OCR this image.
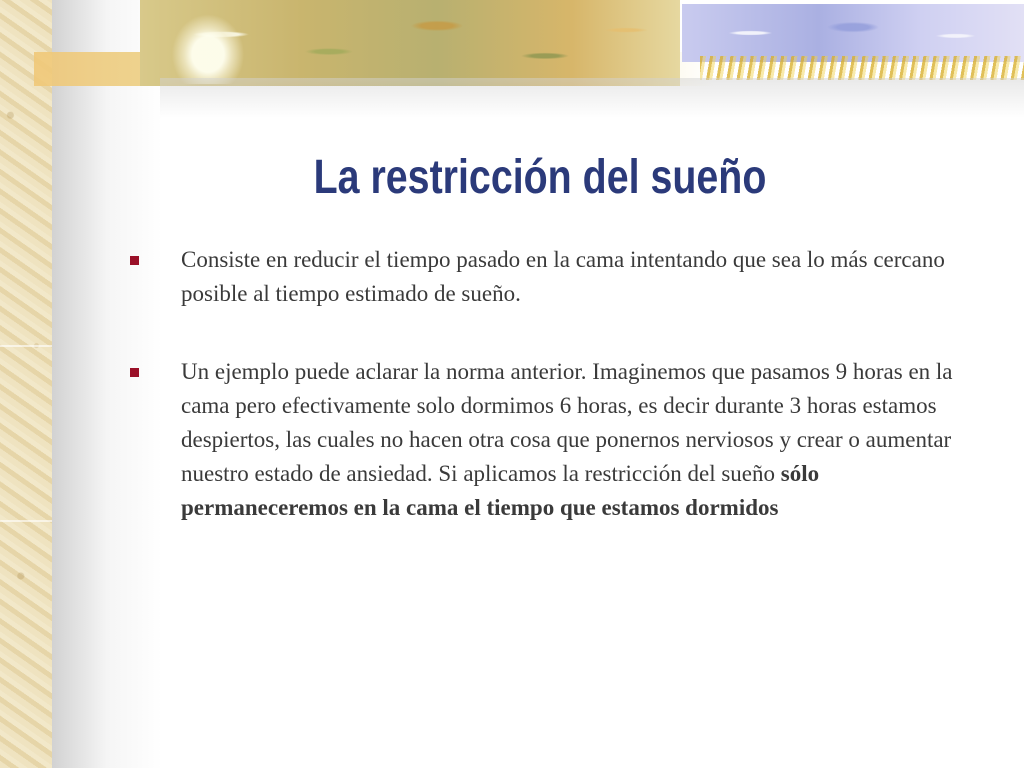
La restricción del sueño
Consiste en reducir el tiempo pasado en la cama intentando que sea lo más cercano posible al tiempo estimado de sueño.
Un ejemplo puede aclarar la norma anterior. Imaginemos que pasamos 9 horas en la cama pero efectivamente solo dormimos 6 horas, es decir durante 3 horas estamos despiertos, las cuales no hacen otra cosa que ponernos nerviosos y crear o aumentar nuestro estado de ansiedad. Si aplicamos la restricción del sueño sólo permaneceremos en la cama el tiempo que estamos dormidos
